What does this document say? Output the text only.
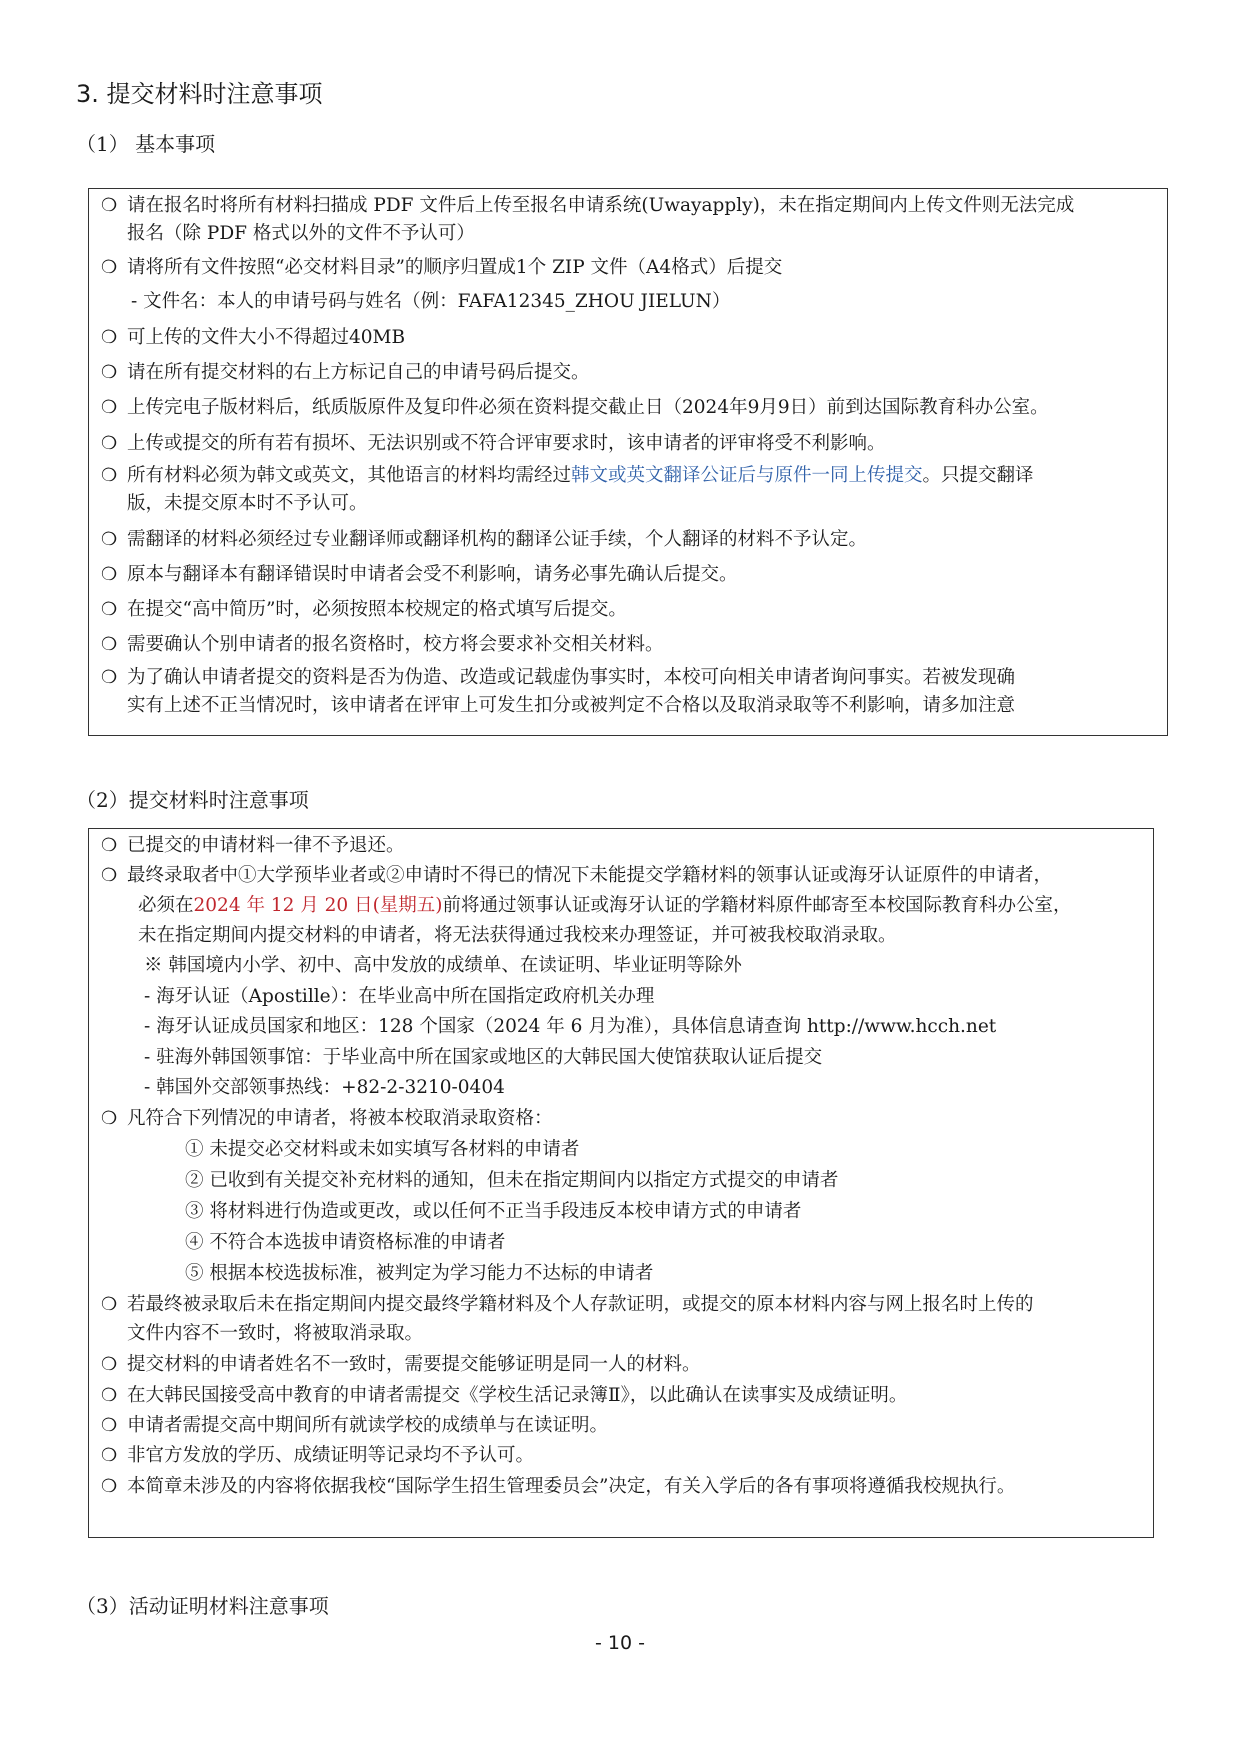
3. 提交材料时注意事项
（1） 基本事项
❍ 请在报名时将所有材料扫描成 PDF 文件后上传至报名申请系统(Uwayapply)，未在指定期间内上传文件则无法完成
报名（除 PDF 格式以外的文件不予认可）
❍ 请将所有文件按照“必交材料目录”的顺序归置成1个 ZIP 文件（A4格式）后提交
- 文件名：本人的申请号码与姓名（例：FAFA12345_ZHOU JIELUN）
❍ 可上传的文件大小不得超过40MB
❍ 请在所有提交材料的右上方标记自己的申请号码后提交。
❍ 上传完电子版材料后，纸质版原件及复印件必须在资料提交截止日（2024年9月9日）前到达国际教育科办公室。
❍ 上传或提交的所有若有损坏、无法识别或不符合评审要求时，该申请者的评审将受不利影响。
❍ 所有材料必须为韩文或英文，其他语言的材料均需经过韩文或英文翻译公证后与原件一同上传提交。只提交翻译
版，未提交原本时不予认可。
❍ 需翻译的材料必须经过专业翻译师或翻译机构的翻译公证手续，个人翻译的材料不予认定。
❍ 原本与翻译本有翻译错误时申请者会受不利影响，请务必事先确认后提交。
❍ 在提交“高中简历”时，必须按照本校规定的格式填写后提交。
❍ 需要确认个别申请者的报名资格时，校方将会要求补交相关材料。
❍ 为了确认申请者提交的资料是否为伪造、改造或记载虚伪事实时，本校可向相关申请者询问事实。若被发现确
实有上述不正当情况时，该申请者在评审上可发生扣分或被判定不合格以及取消录取等不利影响，请多加注意
（2）提交材料时注意事项
❍ 已提交的申请材料一律不予退还。
❍ 最终录取者中①大学预毕业者或②申请时不得已的情况下未能提交学籍材料的领事认证或海牙认证原件的申请者，
必须在2024 年 12 月 20 日(星期五)前将通过领事认证或海牙认证的学籍材料原件邮寄至本校国际教育科办公室，
未在指定期间内提交材料的申请者，将无法获得通过我校来办理签证，并可被我校取消录取。
※ 韩国境内小学、初中、高中发放的成绩单、在读证明、毕业证明等除外
- 海牙认证（Apostille）：在毕业高中所在国指定政府机关办理
- 海牙认证成员国家和地区：128 个国家（2024 年 6 月为准），具体信息请查询 http://www.hcch.net
- 驻海外韩国领事馆：于毕业高中所在国家或地区的大韩民国大使馆获取认证后提交
- 韩国外交部领事热线：+82-2-3210-0404
❍ 凡符合下列情况的申请者，将被本校取消录取资格：
① 未提交必交材料或未如实填写各材料的申请者
② 已收到有关提交补充材料的通知，但未在指定期间内以指定方式提交的申请者
③ 将材料进行伪造或更改，或以任何不正当手段违反本校申请方式的申请者
④ 不符合本选拔申请资格标准的申请者
⑤ 根据本校选拔标准，被判定为学习能力不达标的申请者
❍ 若最终被录取后未在指定期间内提交最终学籍材料及个人存款证明，或提交的原本材料内容与网上报名时上传的
文件内容不一致时，将被取消录取。
❍ 提交材料的申请者姓名不一致时，需要提交能够证明是同一人的材料。
❍ 在大韩民国接受高中教育的申请者需提交《学校生活记录簿Ⅱ》，以此确认在读事实及成绩证明。
❍ 申请者需提交高中期间所有就读学校的成绩单与在读证明。
❍ 非官方发放的学历、成绩证明等记录均不予认可。
❍ 本简章未涉及的内容将依据我校“国际学生招生管理委员会”决定，有关入学后的各有事项将遵循我校规执行。
（3）活动证明材料注意事项
- 10 -
